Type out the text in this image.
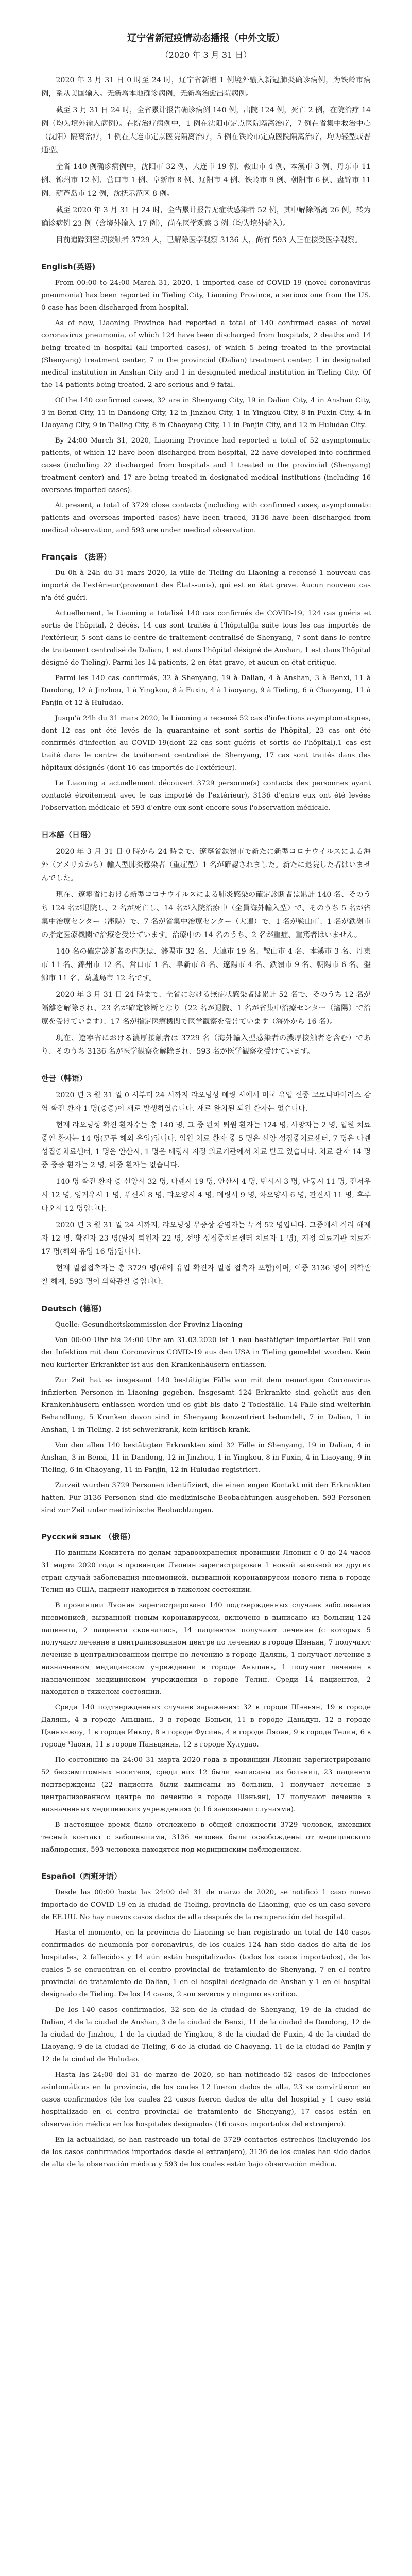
辽宁省新冠疫情动态播报（中外文版）
（2020 年 3 月 31 日）
2020 年 3 月 31 日 0 时至 24 时，辽宁省新增 1 例境外输入新冠肺炎确诊病例，为铁岭市病例，系从美国输入。无新增本地确诊病例，无新增治愈出院病例。
截至 3 月 31 日 24 时，全省累计报告确诊病例 140 例，出院 124 例，死亡 2 例，在院治疗 14 例（均为境外输入病例）。在院治疗病例中，1 例在沈阳市定点医院隔离治疗，7 例在省集中救治中心（沈阳）隔离治疗，1 例在大连市定点医院隔离治疗，5 例在铁岭市定点医院隔离治疗，均为轻型或普通型。
全省 140 例确诊病例中，沈阳市 32 例、大连市 19 例、鞍山市 4 例、本溪市 3 例、丹东市 11 例、锦州市 12 例、营口市 1 例、阜新市 8 例、辽阳市 4 例、铁岭市 9 例、朝阳市 6 例、盘锦市 11 例、葫芦岛市 12 例，沈抚示范区 8 例。
截至 2020 年 3 月 31 日 24 时，全省累计报告无症状感染者 52 例，其中解除隔离 26 例，转为确诊病例 23 例（含境外输入 17 例），尚在医学观察 3 例（均为境外输入）。
目前追踪到密切接触者 3729 人，已解除医学观察 3136 人，尚有 593 人正在接受医学观察。
English(英语)
From 00:00 to 24:00 March 31, 2020, 1 imported case of COVID-19 (novel coronavirus pneumonia) has been reported in Tieling City, Liaoning Province, a serious one from the US. 0 case has been discharged from hospital.
As of now, Liaoning Province had reported a total of 140 confirmed cases of novel coronavirus pneumonia, of which 124 have been discharged from hospitals, 2 deaths and 14 being treated in hospital (all imported cases), of which 5 being treated in the provincial (Shenyang) treatment center, 7 in the provincial (Dalian) treatment center, 1 in designated medical institution in Anshan City and 1 in designated medical institution in Tieling City. Of the 14 patients being treated, 2 are serious and 9 fatal.
Of the 140 confirmed cases, 32 are in Shenyang City, 19 in Dalian City, 4 in Anshan City, 3 in Benxi City, 11 in Dandong City, 12 in Jinzhou City, 1 in Yingkou City, 8 in Fuxin City, 4 in Liaoyang City, 9 in Tieling City, 6 in Chaoyang City, 11 in Panjin City, and 12 in Huludao City.
By 24:00 March 31, 2020, Liaoning Province had reported a total of 52 asymptomatic patients, of which 12 have been discharged from hospital, 22 have developed into confirmed cases (including 22 discharged from hospitals and 1 treated in the provincial (Shenyang) treatment center) and 17 are being treated in designated medical institutions (including 16 overseas imported cases).
At present, a total of 3729 close contacts (including with confirmed cases, asymptomatic patients and overseas imported cases) have been traced, 3136 have been discharged from medical observation, and 593 are under medical observation.
Français （法语）
Du 0h à 24h du 31 mars 2020, la ville de Tieling du Liaoning a recensé 1 nouveau cas importé de l'extérieur(provenant des États-unis), qui est en état grave. Aucun nouveau cas n'a été guéri.
Actuellement, le Liaoning a totalisé 140 cas confirmés de COVID-19, 124 cas guéris et sortis de l'hôpital, 2 décès, 14 cas sont traités à l'hôpital(la suite tous les cas importés de l'extérieur, 5 sont dans le centre de traitement centralisé de Shenyang, 7 sont dans le centre de traitement centralisé de Dalian, 1 est dans l'hôpital désigné de Anshan, 1 est dans l'hôpital désigné de Tieling). Parmi les 14 patients, 2 en état grave, et aucun en état critique.
Parmi les 140 cas confirmés, 32 à Shenyang, 19 à Dalian, 4 à Anshan, 3 à Benxi, 11 à Dandong, 12 à Jinzhou, 1 à Yingkou, 8 à Fuxin, 4 à Liaoyang, 9 à Tieling, 6 à Chaoyang, 11 à Panjin et 12 à Huludao.
Jusqu'à 24h du 31 mars 2020, le Liaoning a recensé 52 cas d'infections asymptomatiques, dont 12 cas ont été levés de la quarantaine et sont sortis de l'hôpital, 23 cas ont été confirmés d'infection au COVID-19(dont 22 cas sont guéris et sortis de l'hôpital),1 cas est traité dans le centre de traitement centralisé de Shenyang, 17 cas sont traités dans des hôpitaux désignés (dont 16 cas importés de l'extérieur).
Le Liaoning a actuellement découvert 3729 personne(s) contacts des personnes ayant contacté étroitement avec le cas importé de l'extérieur), 3136 d'entre eux ont été levées l'observation médicale et 593 d'entre eux sont encore sous l'observation médicale.
日本語（日语）
2020 年 3 月 31 日 0 時から 24 時まで、遼寧省鉄嶺市で新たに新型コロナウイルスによる海外（アメリカから）輸入型肺炎感染者（重症型）1 名が確認されました。新たに退院した者はいませんでした。
現在、遼寧省における新型コロナウイルスによる肺炎感染の確定診断者は累計 140 名、そのうち 124 名が退院し、2 名が死亡し、14 名が入院治療中（全員海外輸入型）で、そのうち 5 名が省集中治療センター（瀋陽）で、7 名が省集中治療センター（大連）で、1 名が鞍山市、1 名が鉄嶺市の指定医療機関で治療を受けています。治療中の 14 名のうち、2 名が重症、重篤者はいません。
140 名の確定診断者の内訳は、瀋陽市 32 名、大連市 19 名、鞍山市 4 名、本溪市 3 名、丹東市 11 名、錦州市 12 名、営口市 1 名、阜新市 8 名、遼陽市 4 名、鉄嶺市 9 名、朝陽市 6 名、盤錦市 11 名、葫蘆島市 12 名です。
2020 年 3 月 31 日 24 時まで、全省における無症状感染者は累計 52 名で、そのうち 12 名が隔離を解除され、23 名が確定診断となり（22 名が退院、1 名が省集中治療センター（瀋陽）で治療を受けています）、17 名が指定医療機関で医学観察を受けています（海外から 16 名）。
現在、遼寧省における濃厚接触者は 3729 名（海外輸入型感染者の濃厚接触者を含む）であり、そのうち 3136 名が医学観察を解除され、593 名が医学観察を受けています。
한글（韩语）
2020 년 3 월 31 일 0 시부터 24 시까지 랴오닝성 톄링 시에서 미국 유입 신종 코로나바이러스 감염 확진 환자 1 명(중증)이 새로 발생하였습니다. 새로 완치된 퇴원 환자는 없습니다.
현재 랴오닝성 확진 환자수는 총 140 명, 그 중 완치 퇴원 환자는 124 명, 사망자는 2 명, 입원 치료 중인 환자는 14 명(모두 해외 유입)입니다. 입원 치료 환자 중 5 명은 선양 성집중치료센터, 7 명은 다롄 성집중치료센터, 1 명은 안산시, 1 명은 톄링시 지정 의료기관에서 치료 받고 있습니다. 치료 환자 14 명 중 중증 환자는 2 명, 위중 환자는 없습니다.
140 명 확진 환자 중 선양시 32 명, 다롄시 19 명, 안산시 4 명, 번시시 3 명, 단둥시 11 명, 진저우시 12 명, 잉커우시 1 명, 푸신시 8 명, 랴오양시 4 명, 톄링시 9 명, 차오양시 6 명, 판진시 11 명, 후루다오시 12 명입니다.
2020 년 3 월 31 일 24 시까지, 랴오닝성 무증상 감염자는 누적 52 명입니다. 그중에서 격리 해제자 12 명, 확진자 23 명(완치 퇴원자 22 명, 선양 성집중치료센터 치료자 1 명), 지정 의료기관 치료자 17 명(해외 유입 16 명)입니다.
현재 밀접접촉자는 총 3729 명(해외 유입 확진자 밀접 접촉자 포함)이며, 이중 3136 명이 의학관찰 해제, 593 명이 의학관찰 중입니다.
Deutsch (德语)
Quelle: Gesundheitskommission der Provinz Liaoning
Von 00:00 Uhr bis 24:00 Uhr am 31.03.2020 ist 1 neu bestätigter importierter Fall von der Infektion mit dem Coronavirus COVID-19 aus den USA in Tieling gemeldet worden. Kein neu kurierter Erkrankter ist aus den Krankenhäusern entlassen.
Zur Zeit hat es insgesamt 140 bestätigte Fälle von mit dem neuartigen Coronavirus infizierten Personen in Liaoning gegeben. Insgesamt 124 Erkrankte sind geheilt aus den Krankenhäusern entlassen worden und es gibt bis dato 2 Todesfälle. 14 Fälle sind weiterhin Behandlung, 5 Kranken davon sind in Shenyang konzentriert behandelt, 7 in Dalian, 1 in Anshan, 1 in Tieling. 2 ist schwerkrank, kein kritisch krank.
Von den allen 140 bestätigten Erkrankten sind 32 Fälle in Shenyang, 19 in Dalian, 4 in Anshan, 3 in Benxi, 11 in Dandong, 12 in Jinzhou, 1 in Yingkou, 8 in Fuxin, 4 in Liaoyang, 9 in Tieling, 6 in Chaoyang, 11 in Panjin, 12 in Huludao registriert.
Zurzeit wurden 3729 Personen identifiziert, die einen engen Kontakt mit den Erkrankten hatten. Für 3136 Personen sind die medizinische Beobachtungen ausgehoben. 593 Personen sind zur Zeit unter medizinische Beobachtungen.
Русский язык （俄语）
По данным Комитета по делам здравоохранения провинции Ляонин с 0 до 24 часов 31 марта 2020 года в провинции Ляонин зарегистрирован 1 новый завозной из других стран случай заболевания пневмонией, вызванной коронавирусом нового типа в городе Телин из США, пациент находится в тяжелом состоянии.
В провинции Ляонин зарегистрировано 140 подтвержденных случаев заболевания пневмонией, вызванной новым коронавирусом, включено в выписано из больниц 124 пациента, 2 пациента скончались, 14 пациентов получают лечение (с которых 5 получают лечение в централизованном центре по лечению в городе Шэньян, 7 получают лечение в централизованном центре по лечению в городе Далянь, 1 получает лечение в назначенном медицинском учреждении в городе Аньшань, 1 получает лечение в назначенном медицинском учреждении в городе Телин. Среди 14 пациентов, 2 находятся в тяжелом состоянии.
Среди 140 подтвержденных случаев заражения: 32 в городе Шэньян, 19 в городе Далянь, 4 в городе Аньшань, 3 в городе Бэньси, 11 в городе Даньдун, 12 в городе Цзиньчжоу, 1 в городе Инкоу, 8 в городе Фусинь, 4 в городе Ляоян, 9 в городе Телин, 6 в городе Чаоян, 11 в городе Паньцзинь, 12 в городе Хулудао.
По состоянию на 24:00 31 марта 2020 года в провинции Ляонин зарегистрировано 52 бессимптомных носителя, среди них 12 были выписаны из больниц, 23 пациента подтверждены (22 пациента были выписаны из больниц, 1 получает лечение в централизованном центре по лечению в городе Шэньян), 17 получают лечение в назначенных медицинских учреждениях (с 16 завозными случаями).
В настоящее время было отслежено в общей сложности 3729 человек, имевших тесный контакт с заболевшими, 3136 человек были освобождены от медицинского наблюдения, 593 человека находятся под медицинским наблюдением.
Español（西班牙语）
Desde las 00:00 hasta las 24:00 del 31 de marzo de 2020, se notificó 1 caso nuevo importado de COVID-19 en la ciudad de Tieling, provincia de Liaoning, que es un caso severo de EE.UU. No hay nuevos casos dados de alta después de la recuperación del hospital.
Hasta el momento, en la provincia de Liaoning se han registrado un total de 140 casos confirmados de neumonía por coronavirus, de los cuales 124 han sido dados de alta de los hospitales, 2 fallecidos y 14 aún están hospitalizados (todos los casos importados), de los cuales 5 se encuentran en el centro provincial de tratamiento de Shenyang, 7 en el centro provincial de tratamiento de Dalian, 1 en el hospital designado de Anshan y 1 en el hospital designado de Tieling. De los 14 casos, 2 son severos y ninguno es crítico.
De los 140 casos confirmados, 32 son de la ciudad de Shenyang, 19 de la ciudad de Dalian, 4 de la ciudad de Anshan, 3 de la ciudad de Benxi, 11 de la ciudad de Dandong, 12 de la ciudad de Jinzhou, 1 de la ciudad de Yingkou, 8 de la ciudad de Fuxin, 4 de la ciudad de Liaoyang, 9 de la ciudad de Tieling, 6 de la ciudad de Chaoyang, 11 de la ciudad de Panjin y 12 de la ciudad de Huludao.
Hasta las 24:00 del 31 de marzo de 2020, se han notificado 52 casos de infecciones asintomáticas en la provincia, de los cuales 12 fueron dados de alta, 23 se convirtieron en casos confirmados (de los cuales 22 casos fueron dados de alta del hospital y 1 caso está hospitalizado en el centro provincial de tratamiento de Shenyang), 17 casos están en observación médica en los hospitales designados (16 casos importados del extranjero).
En la actualidad, se han rastreado un total de 3729 contactos estrechos (incluyendo los de los casos confirmados importados desde el extranjero), 3136 de los cuales han sido dados de alta de la observación médica y 593 de los cuales están bajo observación médica.
